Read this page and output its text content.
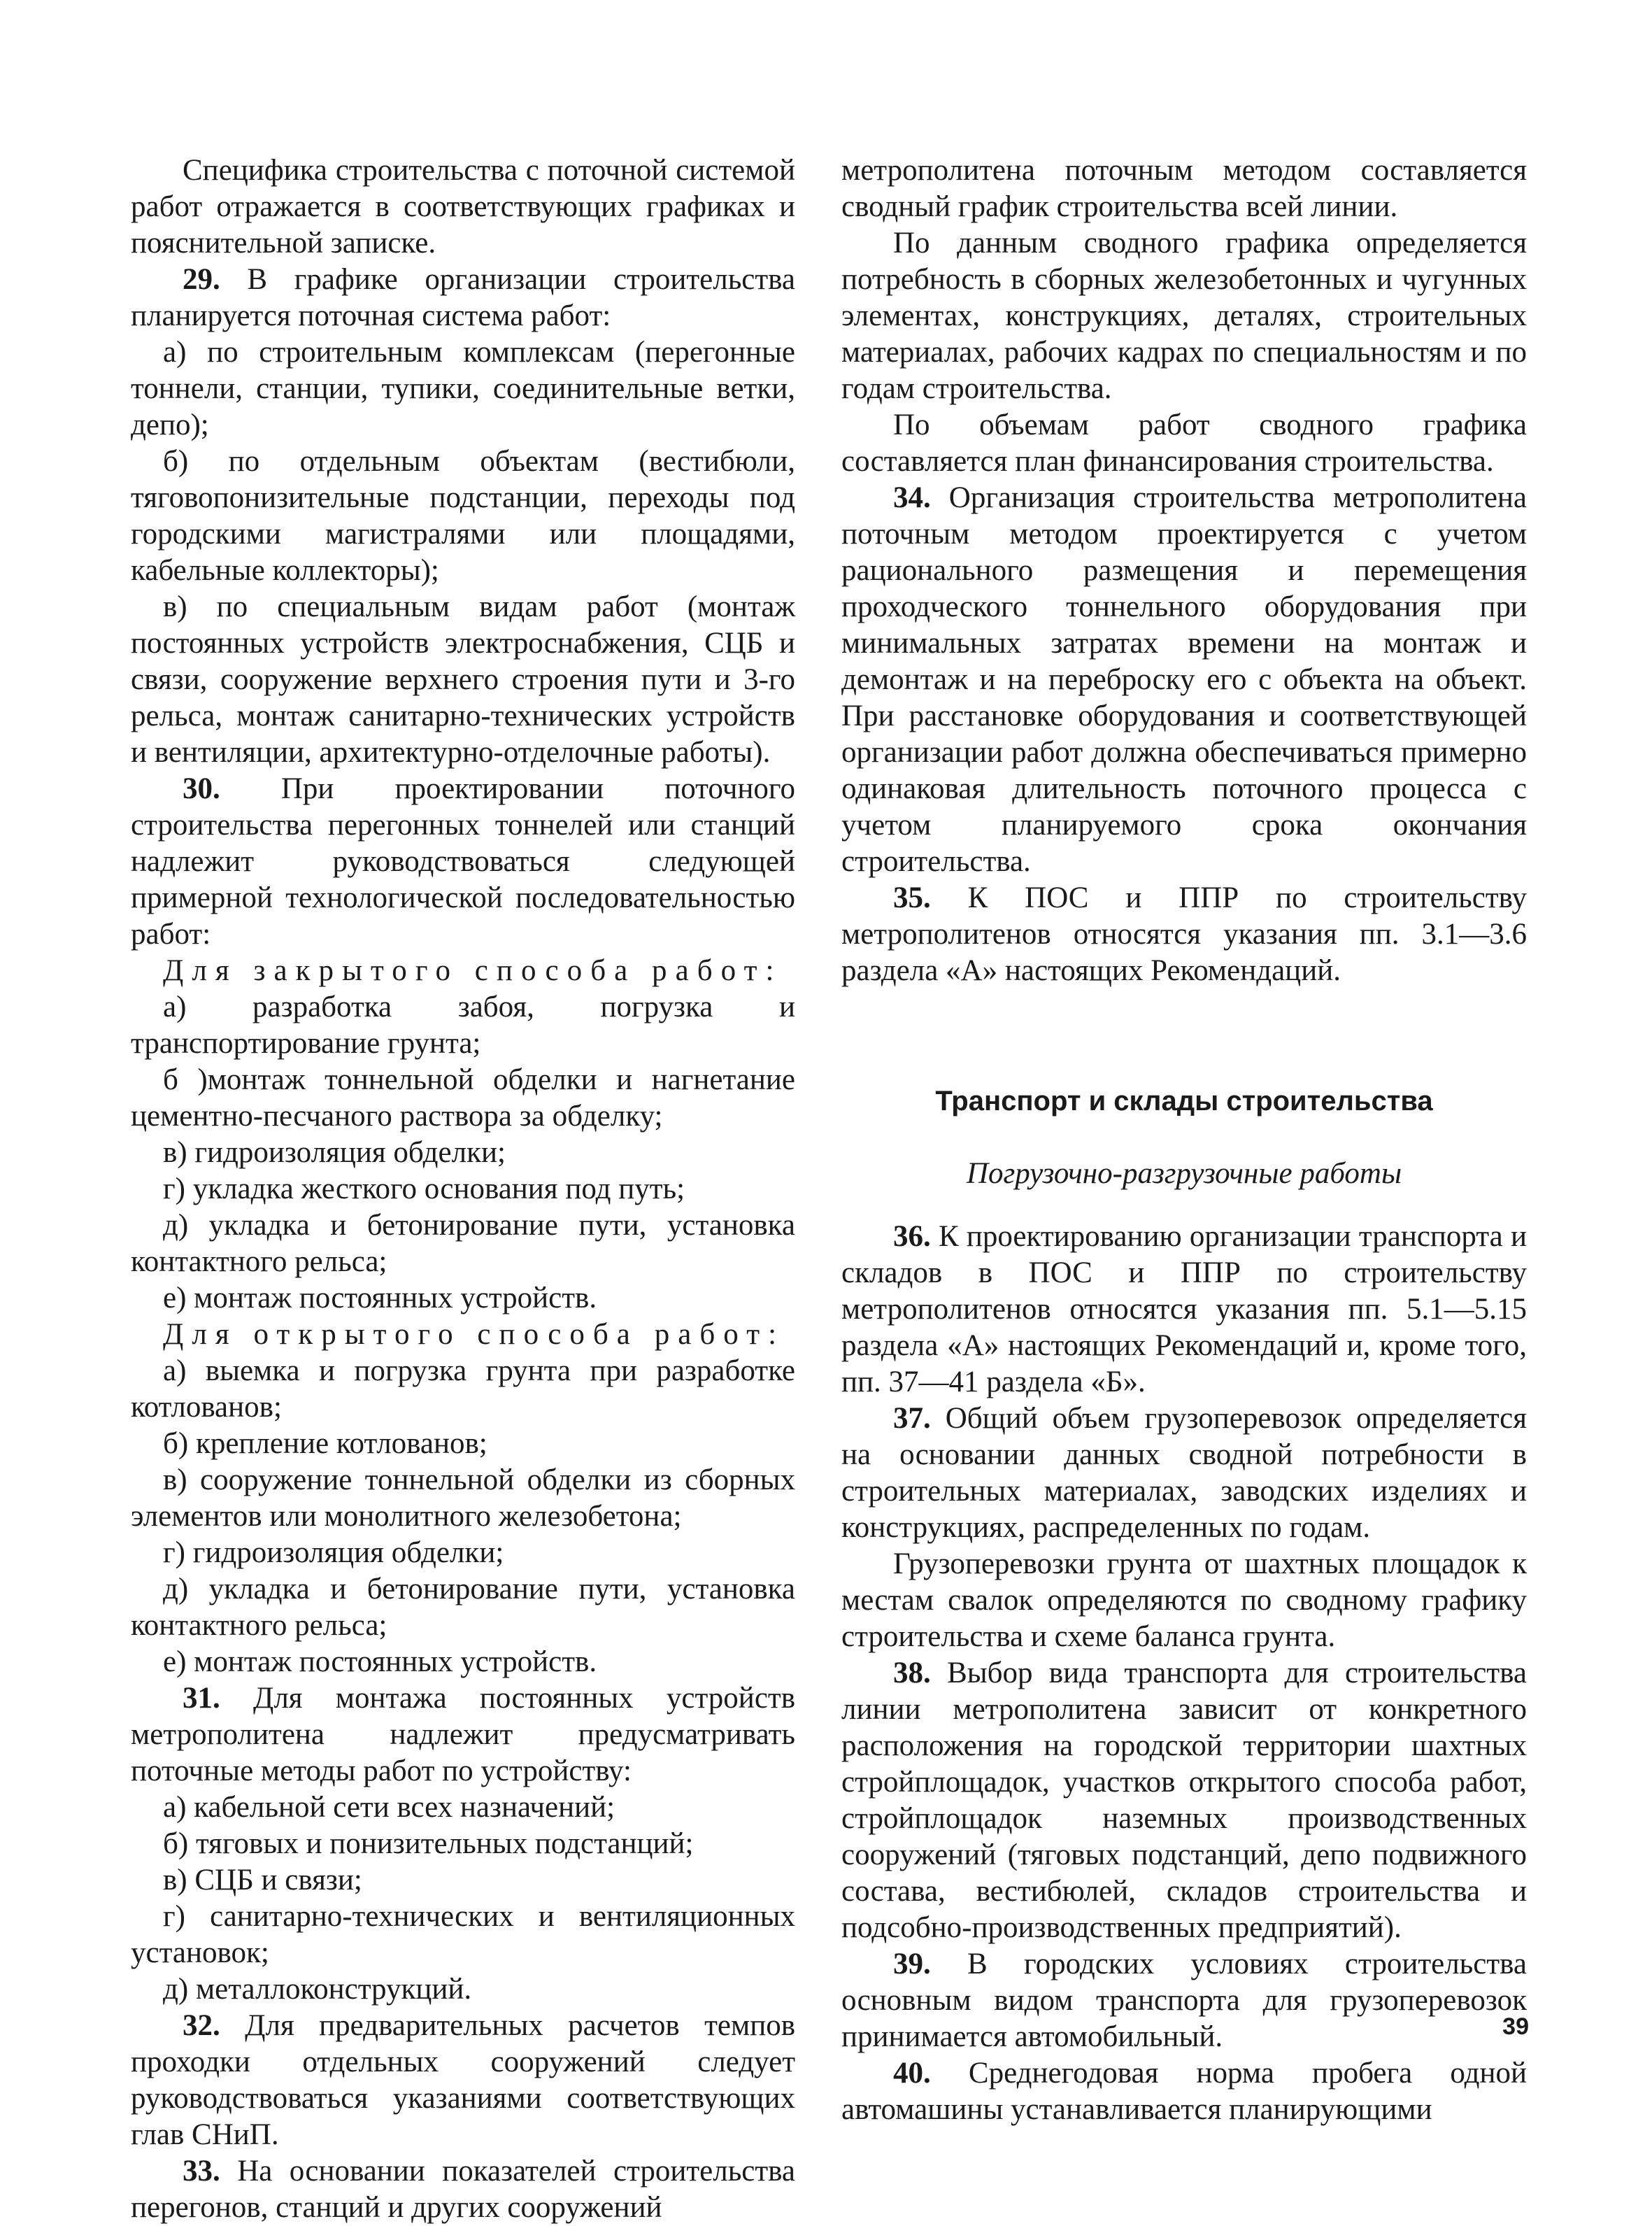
Специфика строительства с поточной системой работ отражается в соответствующих графиках и пояснительной записке.

29. В графике организации строительства планируется поточная система работ:

а) по строительным комплексам (перегонные тоннели, станции, тупики, соединительные ветки, депо);

б) по отдельным объектам (вестибюли, тяговопонизительные подстанции, переходы под городскими магистралями или площадями, кабельные коллекторы);

в) по специальным видам работ (монтаж постоянных устройств электроснабжения, СЦБ и связи, сооружение верхнего строения пути и 3-го рельса, монтаж санитарно-технических устройств и вентиляции, архитектурно-отделочные работы).

30. При проектировании поточного строительства перегонных тоннелей или станций надлежит руководствоваться следующей примерной технологической последовательностью работ:

Для закрытого способа работ:

а) разработка забоя, погрузка и транспортирование грунта;

б )монтаж тоннельной обделки и нагнетание цементно-песчаного раствора за обделку;

в) гидроизоляция обделки;

г) укладка жесткого основания под путь;

д) укладка и бетонирование пути, установка контактного рельса;

е) монтаж постоянных устройств.

Для открытого способа работ:

а) выемка и погрузка грунта при разработке котлованов;

б) крепление котлованов;

в) сооружение тоннельной обделки из сборных элементов или монолитного железобетона;

г) гидроизоляция обделки;

д) укладка и бетонирование пути, установка контактного рельса;

е) монтаж постоянных устройств.

31. Для монтажа постоянных устройств метрополитена надлежит предусматривать поточные методы работ по устройству:

а) кабельной сети всех назначений;

б) тяговых и понизительных подстанций;

в) СЦБ и связи;

г) санитарно-технических и вентиляционных установок;

д) металлоконструкций.

32. Для предварительных расчетов темпов проходки отдельных сооружений следует руководствоваться указаниями соответствующих глав СНиП.

33. На основании показателей строительства перегонов, станций и других сооружений

метрополитена поточным методом составляется сводный график строительства всей линии.

По данным сводного графика определяется потребность в сборных железобетонных и чугунных элементах, конструкциях, деталях, строительных материалах, рабочих кадрах по специальностям и по годам строительства.

По объемам работ сводного графика составляется план финансирования строительства.

34. Организация строительства метрополитена поточным методом проектируется с учетом рационального размещения и перемещения проходческого тоннельного оборудования при минимальных затратах времени на монтаж и демонтаж и на переброску его с объекта на объект. При расстановке оборудования и соответствующей организации работ должна обеспечиваться примерно одинаковая длительность поточного процесса с учетом планируемого срока окончания строительства.

35. К ПОС и ППР по строительству метрополитенов относятся указания пп. 3.1—3.6 раздела «А» настоящих Рекомендаций.

Транспорт и склады строительства

Погрузочно-разгрузочные работы

36. К проектированию организации транспорта и складов в ПОС и ППР по строительству метрополитенов относятся указания пп. 5.1—5.15 раздела «А» настоящих Рекомендаций и, кроме того, пп. 37—41 раздела «Б».

37. Общий объем грузоперевозок определяется на основании данных сводной потребности в строительных материалах, заводских изделиях и конструкциях, распределенных по годам.

Грузоперевозки грунта от шахтных площадок к местам свалок определяются по сводному графику строительства и схеме баланса грунта.

38. Выбор вида транспорта для строительства линии метрополитена зависит от конкретного расположения на городской территории шахтных стройплощадок, участков открытого способа работ, стройплощадок наземных производственных сооружений (тяговых подстанций, депо подвижного состава, вестибюлей, складов строительства и подсобно-производственных предприятий).

39. В городских условиях строительства основным видом транспорта для грузоперевозок принимается автомобильный.

40. Среднегодовая норма пробега одной автомашины устанавливается планирующими

39
